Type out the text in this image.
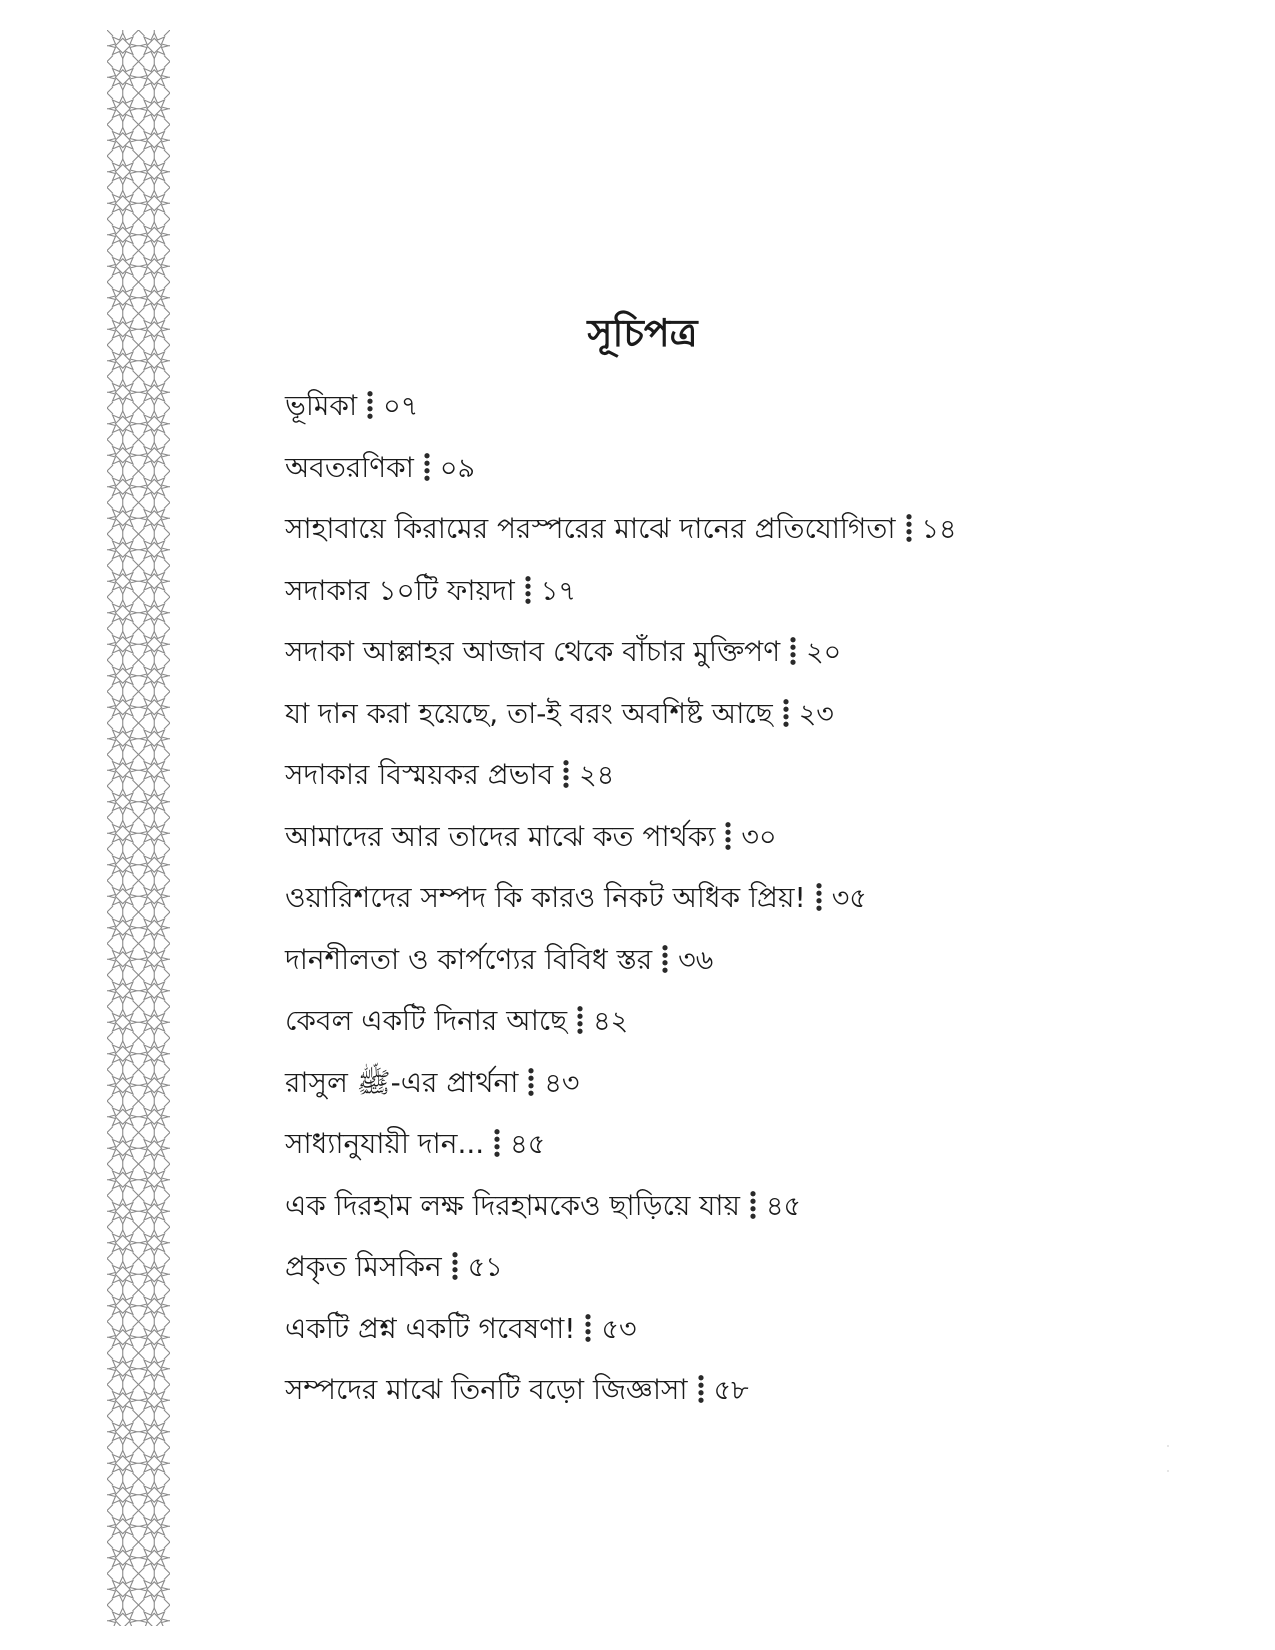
সূচিপত্র
ভূমিকা ০৭
অবতরণিকা ০৯
সাহাবায়ে কিরামের পরস্পরের মাঝে দানের প্রতিযোগিতা ১৪
সদাকার ১০টি ফায়দা ১৭
সদাকা আল্লাহর আজাব থেকে বাঁচার মুক্তিপণ ২০
যা দান করা হয়েছে, তা-ই বরং অবশিষ্ট আছে ২৩
সদাকার বিস্ময়কর প্রভাব ২৪
আমাদের আর তাদের মাঝে কত পার্থক্য ৩০
ওয়ারিশদের সম্পদ কি কারও নিকট অধিক প্রিয়! ৩৫
দানশীলতা ও কার্পণ্যের বিবিধ স্তর ৩৬
কেবল একটি দিনার আছে ৪২
রাসুল ﷺ-এর প্রার্থনা ৪৩
সাধ্যানুযায়ী দান... ৪৫
এক দিরহাম লক্ষ দিরহামকেও ছাড়িয়ে যায় ৪৫
প্রকৃত মিসকিন ৫১
একটি প্রশ্ন একটি গবেষণা! ৫৩
সম্পদের মাঝে তিনটি বড়ো জিজ্ঞাসা ৫৮
